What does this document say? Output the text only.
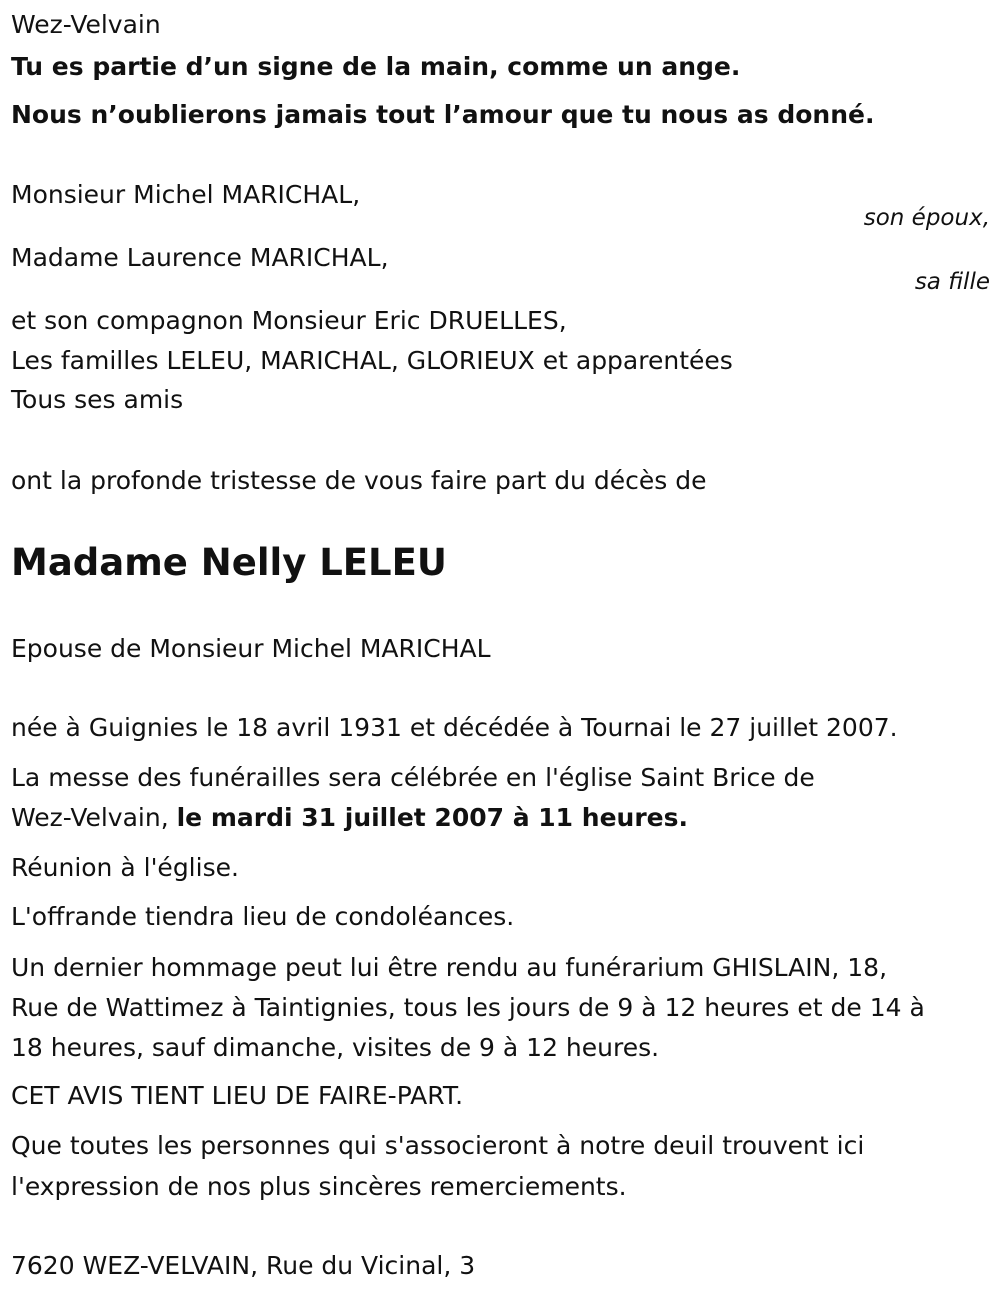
Wez-Velvain

Tu es partie d’un signe de la main, comme un ange.

Nous n’oublierons jamais tout l’amour que tu nous as donné.

Monsieur Michel MARICHAL,

son époux,

Madame Laurence MARICHAL,

sa fille

et son compagnon Monsieur Eric DRUELLES,

Les familles LELEU, MARICHAL, GLORIEUX et apparentées

Tous ses amis

ont la profonde tristesse de vous faire part du décès de

Madame Nelly LELEU

Epouse de Monsieur Michel MARICHAL

née à Guignies le 18 avril 1931 et décédée à Tournai le 27 juillet 2007.

La messe des funérailles sera célébrée en l'église Saint Brice de

Wez-Velvain, le mardi 31 juillet 2007 à 11 heures.

Réunion à l'église.

L'offrande tiendra lieu de condoléances.

Un dernier hommage peut lui être rendu au funérarium GHISLAIN, 18,

Rue de Wattimez à Taintignies, tous les jours de 9 à 12 heures et de 14 à

18 heures, sauf dimanche, visites de 9 à 12 heures.

CET AVIS TIENT LIEU DE FAIRE-PART.

Que toutes les personnes qui s'associeront à notre deuil trouvent ici

l'expression de nos plus sincères remerciements.

7620 WEZ-VELVAIN, Rue du Vicinal, 3
